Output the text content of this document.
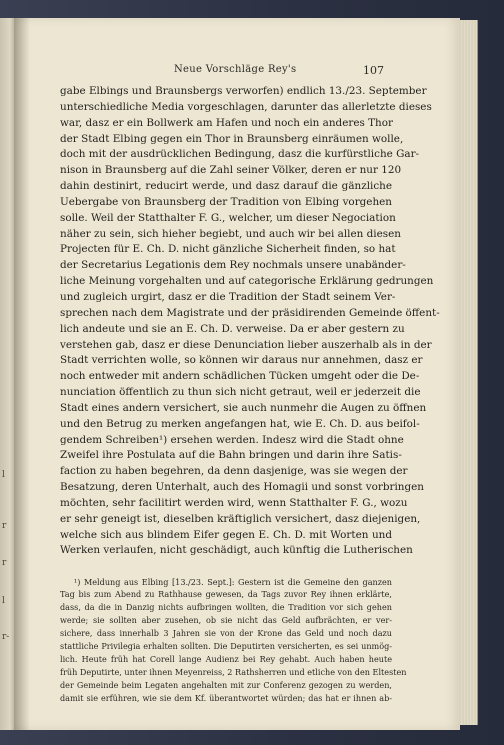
l
r
r
l
r-
Neue Vorschläge Rey's	107
gabe Elbings und Braunsbergs verworfen) endlich 13./23. September
unterschiedliche Media vorgeschlagen, darunter das allerletzte dieses
war, dasz er ein Bollwerk am Hafen und noch ein anderes Thor
der Stadt Elbing gegen ein Thor in Braunsberg einräumen wolle,
doch mit der ausdrücklichen Bedingung, dasz die kurfürstliche Gar-
nison in Braunsberg auf die Zahl seiner Völker, deren er nur 120
dahin destinirt, reducirt werde, und dasz darauf die gänzliche
Uebergabe von Braunsberg der Tradition von Elbing vorgehen
solle. Weil der Statthalter F. G., welcher, um dieser Negociation
näher zu sein, sich hieher begiebt, und auch wir bei allen diesen
Projecten für E. Ch. D. nicht gänzliche Sicherheit finden, so hat
der Secretarius Legationis dem Rey nochmals unsere unabänder-
liche Meinung vorgehalten und auf categorische Erklärung gedrungen
und zugleich urgirt, dasz er die Tradition der Stadt seinem Ver-
sprechen nach dem Magistrate und der präsidirenden Gemeinde öffent-
lich andeute und sie an E. Ch. D. verweise. Da er aber gestern zu
verstehen gab, dasz er diese Denunciation lieber auszerhalb als in der
Stadt verrichten wolle, so können wir daraus nur annehmen, dasz er
noch entweder mit andern schädlichen Tücken umgeht oder die De-
nunciation öffentlich zu thun sich nicht getraut, weil er jederzeit die
Stadt eines andern versichert, sie auch nunmehr die Augen zu öffnen
und den Betrug zu merken angefangen hat, wie E. Ch. D. aus beifol-
gendem Schreiben¹) ersehen werden. Indesz wird die Stadt ohne
Zweifel ihre Postulata auf die Bahn bringen und darin ihre Satis-
faction zu haben begehren, da denn dasjenige, was sie wegen der
Besatzung, deren Unterhalt, auch des Homagii und sonst vorbringen
möchten, sehr facilitirt werden wird, wenn Statthalter F. G., wozu
er sehr geneigt ist, dieselben kräftiglich versichert, dasz diejenigen,
welche sich aus blindem Eifer gegen E. Ch. D. mit Worten und
Werken verlaufen, nicht geschädigt, auch künftig die Lutherischen
¹) Meldung aus Elbing [13./23. Sept.]: Gestern ist die Gemeine den ganzen
Tag bis zum Abend zu Rathhause gewesen, da Tags zuvor Rey ihnen erklärte,
dass, da die in Danzig nichts aufbringen wollten, die Tradition vor sich gehen
werde; sie sollten aber zusehen, ob sie nicht das Geld aufbrächten, er ver-
sichere, dass innerhalb 3 Jahren sie von der Krone das Geld und noch dazu
stattliche Privilegia erhalten sollten. Die Deputirten versicherten, es sei unmög-
lich. Heute früh hat Corell lange Audienz bei Rey gehabt. Auch haben heute
früh Deputirte, unter ihnen Meyenreiss, 2 Rathsherren und etliche von den Eltesten
der Gemeinde beim Legaten angehalten mit zur Conferenz gezogen zu werden,
damit sie erführen, wie sie dem Kf. überantwortet würden; das hat er ihnen ab-
